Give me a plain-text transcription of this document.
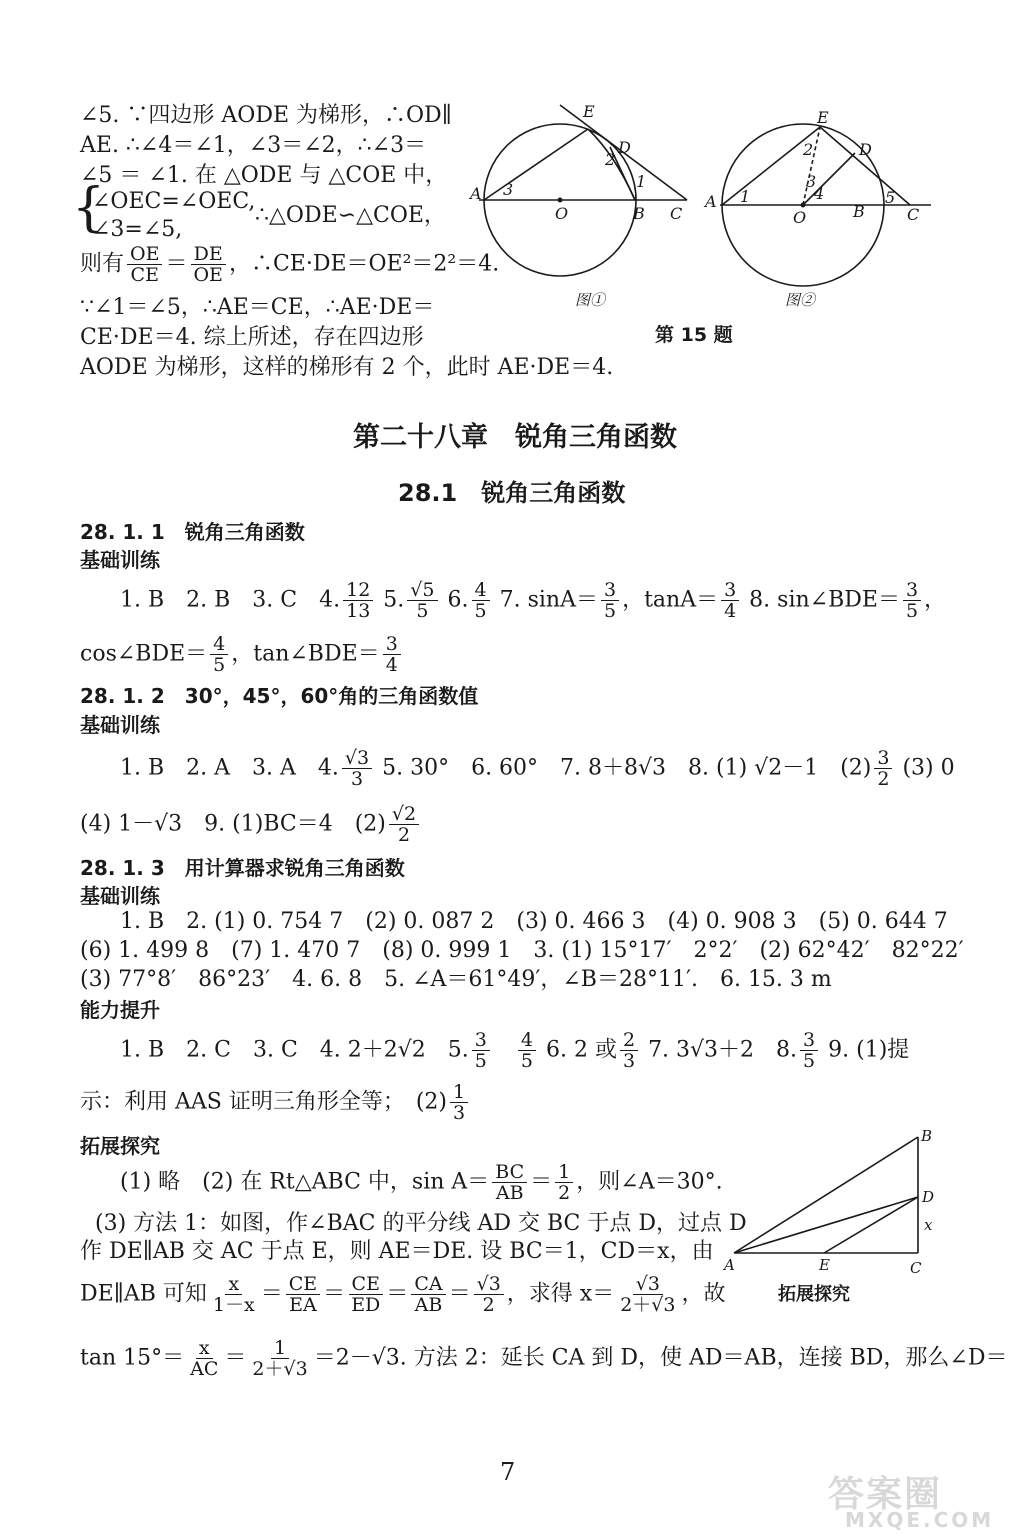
∠5. ∵四边形 AODE 为梯形，∴OD∥
AE. ∴∠4＝∠1，∠3＝∠2，∴∠3＝
∠5 ＝ ∠1. 在 △ODE 与 △COE 中，
{
∠OEC=∠OEC,
∠3=∠5,
∴△ODE∽△COE，
则有 $\frac{OE}{CE} = \frac{DE}{OE}$ ，∴CE·DE＝OE²＝2²＝4.
∵∠1＝∠5，∴AE＝CE，∴AE·DE＝
CE·DE＝4. 综上所述，存在四边形
AODE 为梯形，这样的梯形有 2 个，此时 AE·DE＝4.
A
O	B C
D
E
1
2
3
图①
A
O	B	C
D
E
1
2
3
4	5
图②
第 15 题
第二十八章　锐角三角函数
28.1　锐角三角函数
28. 1. 1　锐角三角函数
基础训练
1. B　2. B　3. C　4. $\frac{12}{13} 5$. $\frac{√5}{5} 6$. $\frac{4}{5} 7$. $\sin A= \frac{3}{5}$ ，$\tan A= \frac{3}{4} 8$. sin∠BDE＝ $\frac{3}{5}$ ，
cos∠BDE＝ $\frac{4}{5}$ ，tan∠BDE＝ $\frac{3}{4}$
28. 1. 2　30°，45°，60°角的三角函数值
基础训练
1. B　2. A　3. A　4. $\frac{√3}{3} 5$. 30°　6. 60°　7. 8＋8√3　8. (1) √2－1　$(2) \frac{3}{2} (3)$ 0
(4) 1－√3　9. (1)BC＝4　$(2) \frac{√2}{2}$
28. 1. 3　用计算器求锐角三角函数
基础训练
1. B　2. (1) 0. 754 7　(2) 0. 087 2　(3) 0. 466 3　(4) 0. 908 3　(5) 0. 644 7
(6) 1. 499 8　(7) 1. 470 7　(8) 0. 999 1　3. (1) 15°17′　2°2′　(2) 62°42′　82°22′
(3) 77°8′　86°23′　4. 6. 8　5. ∠A＝61°49′，∠B＝28°11′.　6. 15. 3 m
能力提升
1. B　2. C　3. C　4. 2＋2√2　5. $\frac{3}{5}$
　 $\frac{4}{5} 6$. 2 或 $\frac{2}{3} 7$. 3√3＋2　8. $\frac{3}{5} 9$. (1)提
示：利用 AAS 证明三角形全等；　$(2) \frac{1}{3}$
拓展探究
(1) 略　(2) 在 Rt△ABC 中，$\sin A= \frac{BC}{AB} = \frac{1}{2}$ ，则∠A＝30°.
(3) 方法 1：如图，作∠BAC 的平分线 AD 交 BC 于点 D，过点 D
作 DE∥AB 交 AC 于点 E，则 AE＝DE. 设 BC＝1，CD＝x，由
DE∥AB 可知 $\frac{x}{1-x} = \frac{CE}{EA} = \frac{CE}{ED} = \frac{CA}{AB} = \frac{√3}{2}$ ，求得 $x= \frac{√3}{2+√3}$ ，故
$\tan 15^\circ= \frac{x}{AC} = \frac{1}{2+√3} =2-√3$. 方法 2：延长 CA 到 D，使 AD＝AB，连接 BD，那么∠D＝
A
B
C
D
E
x
拓展探究
7
答案圈
MXQE.COM
